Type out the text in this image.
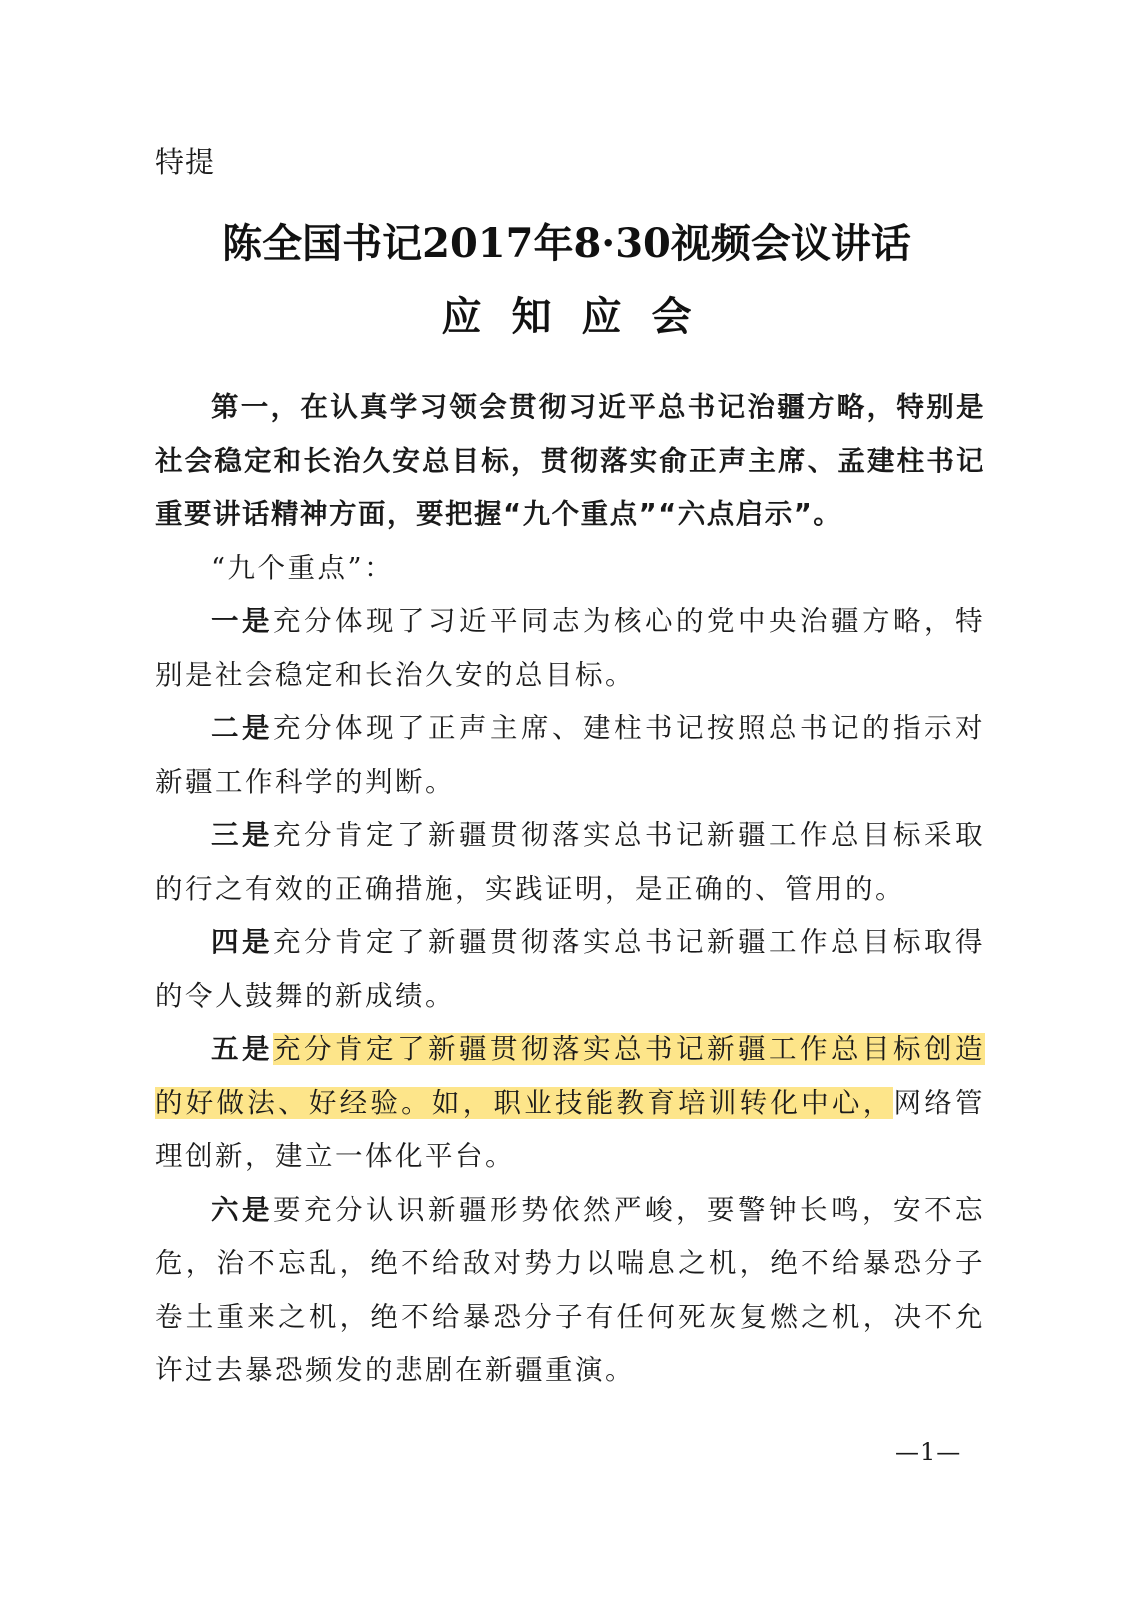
特提
陈全国书记2017年8·30视频会议讲话
应知应会

第一，在认真学习领会贯彻习近平总书记治疆方略，特别是社会稳定和长治久安总目标，贯彻落实俞正声主席、孟建柱书记重要讲话精神方面，要把握“九个重点”“六点启示”。

“九个重点”：

一是充分体现了习近平同志为核心的党中央治疆方略，特别是社会稳定和长治久安的总目标。

二是充分体现了正声主席、建柱书记按照总书记的指示对新疆工作科学的判断。

三是充分肯定了新疆贯彻落实总书记新疆工作总目标采取的行之有效的正确措施，实践证明，是正确的、管用的。

四是充分肯定了新疆贯彻落实总书记新疆工作总目标取得的令人鼓舞的新成绩。

五是充分肯定了新疆贯彻落实总书记新疆工作总目标创造的好做法、好经验。如，职业技能教育培训转化中心，网络管理创新，建立一体化平台。

六是要充分认识新疆形势依然严峻，要警钟长鸣，安不忘危，治不忘乱，绝不给敌对势力以喘息之机，绝不给暴恐分子卷土重来之机，绝不给暴恐分子有任何死灰复燃之机，决不允许过去暴恐频发的悲剧在新疆重演。

—1—
